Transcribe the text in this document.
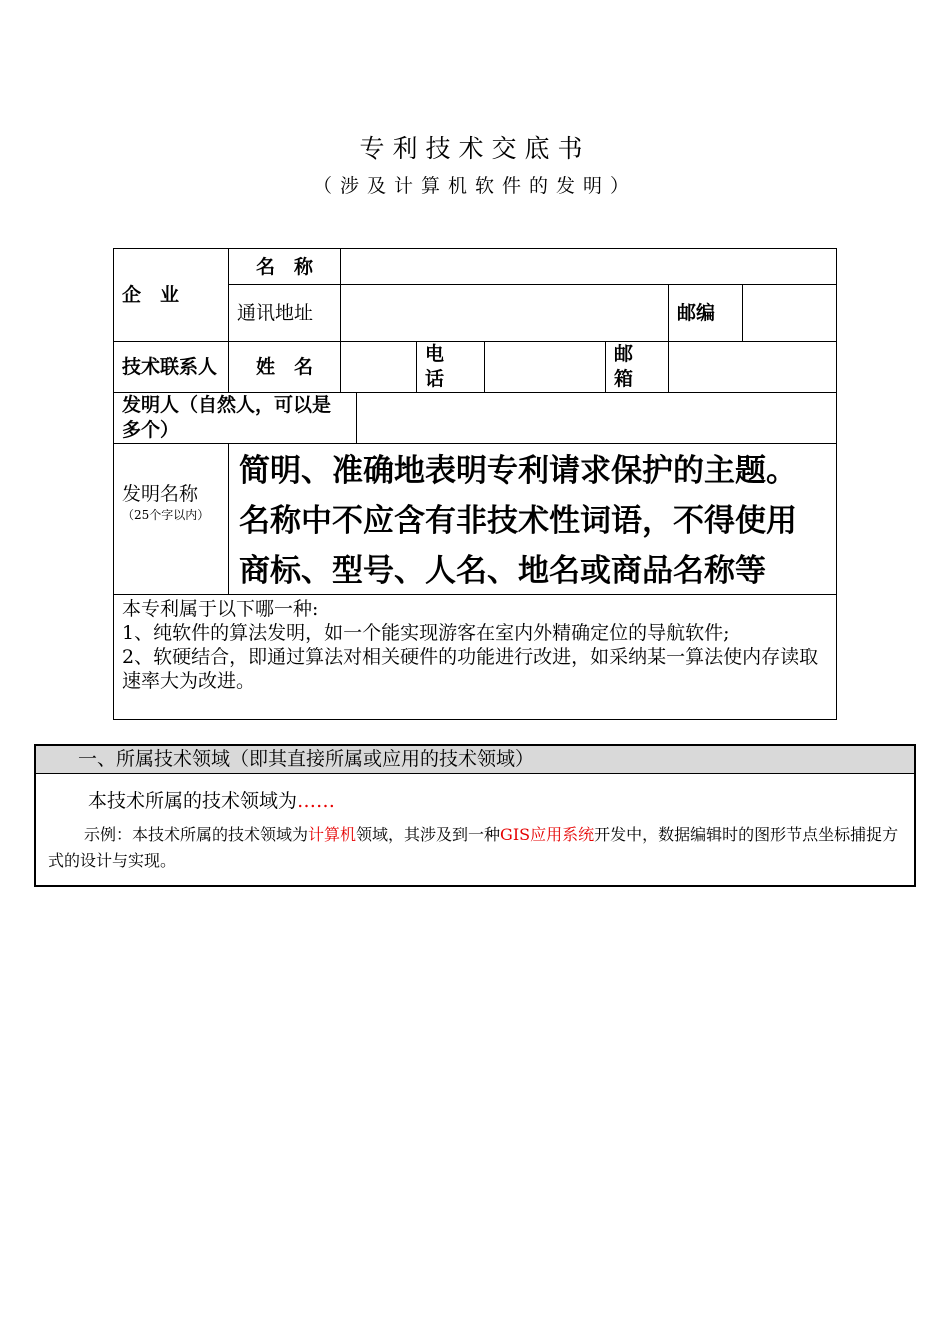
专利技术交底书
（涉及计算机软件的发明）
企　业
名　称
通讯地址	邮编
技术联系人 姓　名
电话
邮箱
发明人（自然人，可以是多个）
发明名称
（25个字以内）
简明、准确地表明专利请求保护的主题。名称中不应含有非技术性词语，不得使用商标、型号、人名、地名或商品名称等
本专利属于以下哪一种:
1、纯软件的算法发明，如一个能实现游客在室内外精确定位的导航软件;
2、软硬结合，即通过算法对相关硬件的功能进行改进，如采纳某一算法使内存读取速率大为改进。
一、所属技术领域（即其直接所属或应用的技术领域）
本技术所属的技术领域为……
示例：本技术所属的技术领域为计算机领域，其涉及到一种GIS应用系统开发中，数据编辑时的图形节点坐标捕捉方式的设计与实现。
